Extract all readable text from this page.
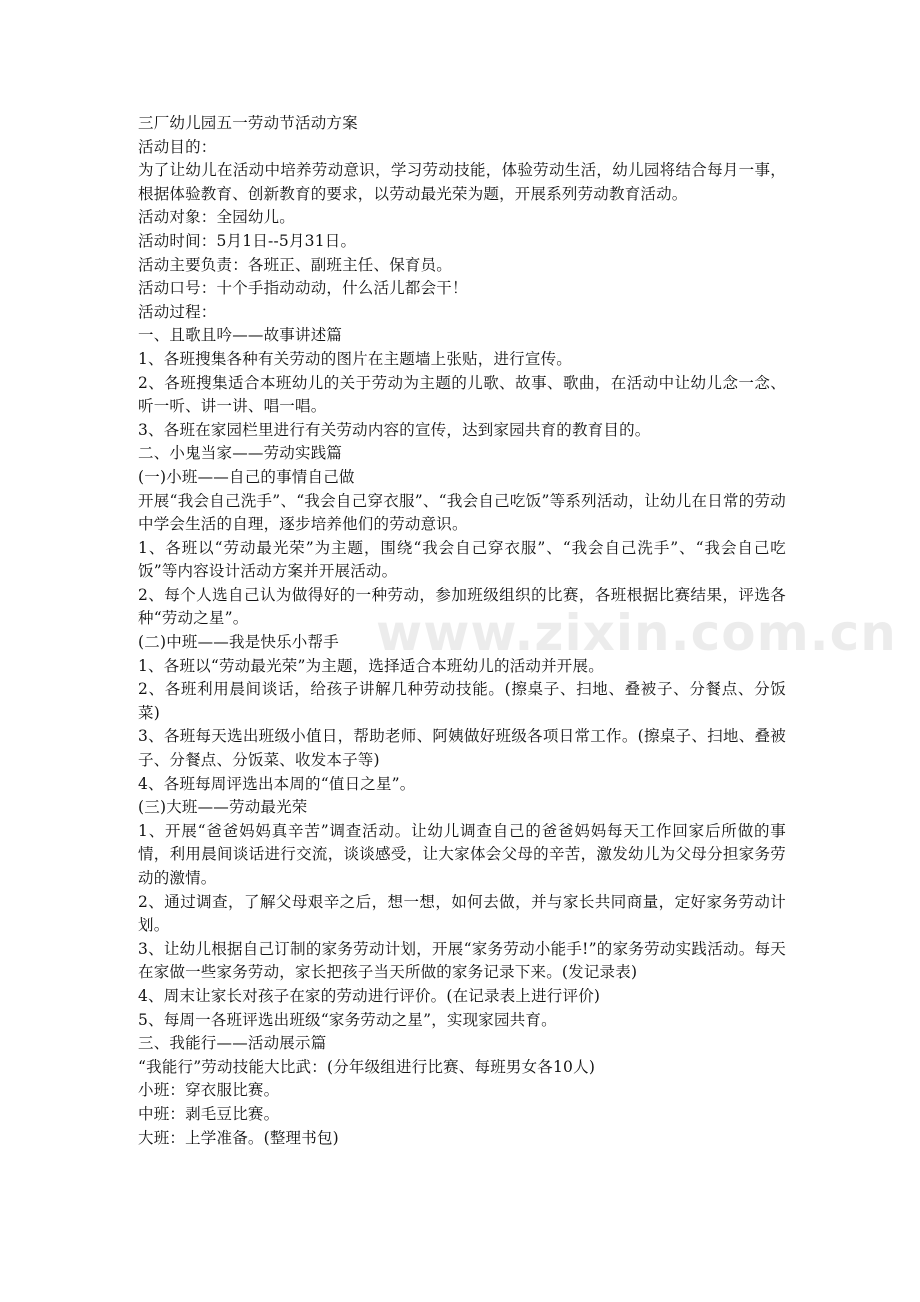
www.zixin.com.cn

三厂幼儿园五一劳动节活动方案

活动目的：

为了让幼儿在活动中培养劳动意识，学习劳动技能，体验劳动生活，幼儿园将结合每月一事，根据体验教育、创新教育的要求，以劳动最光荣为题，开展系列劳动教育活动。

活动对象：全园幼儿。

活动时间：5月1日--5月31日。

活动主要负责：各班正、副班主任、保育员。

活动口号：十个手指动动动，什么活儿都会干！

活动过程：

一、且歌且吟——故事讲述篇

1、各班搜集各种有关劳动的图片在主题墙上张贴，进行宣传。

2、各班搜集适合本班幼儿的关于劳动为主题的儿歌、故事、歌曲，在活动中让幼儿念一念、听一听、讲一讲、唱一唱。

3、各班在家园栏里进行有关劳动内容的宣传，达到家园共育的教育目的。

二、小鬼当家——劳动实践篇

(一)小班——自己的事情自己做

开展“我会自己洗手”、“我会自己穿衣服”、“我会自己吃饭”等系列活动，让幼儿在日常的劳动中学会生活的自理，逐步培养他们的劳动意识。

1、各班以“劳动最光荣”为主题，围绕“我会自己穿衣服”、“我会自己洗手”、“我会自己吃饭”等内容设计活动方案并开展活动。

2、每个人选自己认为做得好的一种劳动，参加班级组织的比赛，各班根据比赛结果，评选各种“劳动之星”。

(二)中班——我是快乐小帮手

1、各班以“劳动最光荣”为主题，选择适合本班幼儿的活动并开展。

2、各班利用晨间谈话，给孩子讲解几种劳动技能。(擦桌子、扫地、叠被子、分餐点、分饭菜)

3、各班每天选出班级小值日，帮助老师、阿姨做好班级各项日常工作。(擦桌子、扫地、叠被子、分餐点、分饭菜、收发本子等)

4、各班每周评选出本周的“值日之星”。

(三)大班——劳动最光荣

1、开展“爸爸妈妈真辛苦”调查活动。让幼儿调查自己的爸爸妈妈每天工作回家后所做的事情，利用晨间谈话进行交流，谈谈感受，让大家体会父母的辛苦，激发幼儿为父母分担家务劳动的激情。

2、通过调查，了解父母艰辛之后，想一想，如何去做，并与家长共同商量，定好家务劳动计划。

3、让幼儿根据自己订制的家务劳动计划，开展“家务劳动小能手!”的家务劳动实践活动。每天在家做一些家务劳动，家长把孩子当天所做的家务记录下来。(发记录表)

4、周末让家长对孩子在家的劳动进行评价。(在记录表上进行评价)

5、每周一各班评选出班级“家务劳动之星”，实现家园共育。

三、我能行——活动展示篇

“我能行”劳动技能大比武：(分年级组进行比赛、每班男女各10人)

小班：穿衣服比赛。

中班：剥毛豆比赛。

大班：上学准备。(整理书包)
